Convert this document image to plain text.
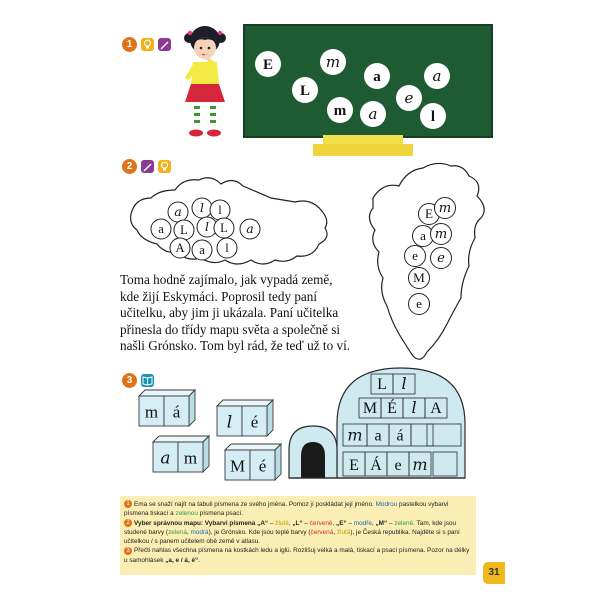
1
E	m
a	a
L
m
e
a	l
2
a l l
a L l L a
A a l
E m
a m
e e
M
e

Toma hodně zajímalo, jak vypadá země, kde žijí Eskymáci. Poprosil tedy paní učitelku, aby jim ji ukázala. Paní učitelka přinesla do třídy mapu světa a společně si našli Grónsko. Tom byl rád, že teď už to ví.

3
m á
l é
a m M é
L l
M É l A
m a á
E Á e m

1 Ema se snaží najít na tabuli písmena ze svého jména. Pomoz jí poskládat její jméno. Modrou pastelkou vybarvi písmena tiskací a zelenou písmena psací.

2 Vyber správnou mapu: Vybarvi písmena „A“ – žlutě, „L“ – červeně, „E“ – modře, „M“ – zeleně. Tam, kde jsou studené barvy (zelená, modrá), je Grónsko. Kde jsou teplé barvy (červená, žlutá), je Česká republika. Najděte si s paní učitelkou / s panem učitelem obě země v atlasu.

3 Přečti nahlas všechna písmena na kostkách ledu a iglú. Rozlišuj velká a malá, tiskací a psací písmena. Pozor na délky u samohlásek „a, e / á, é“.

31
